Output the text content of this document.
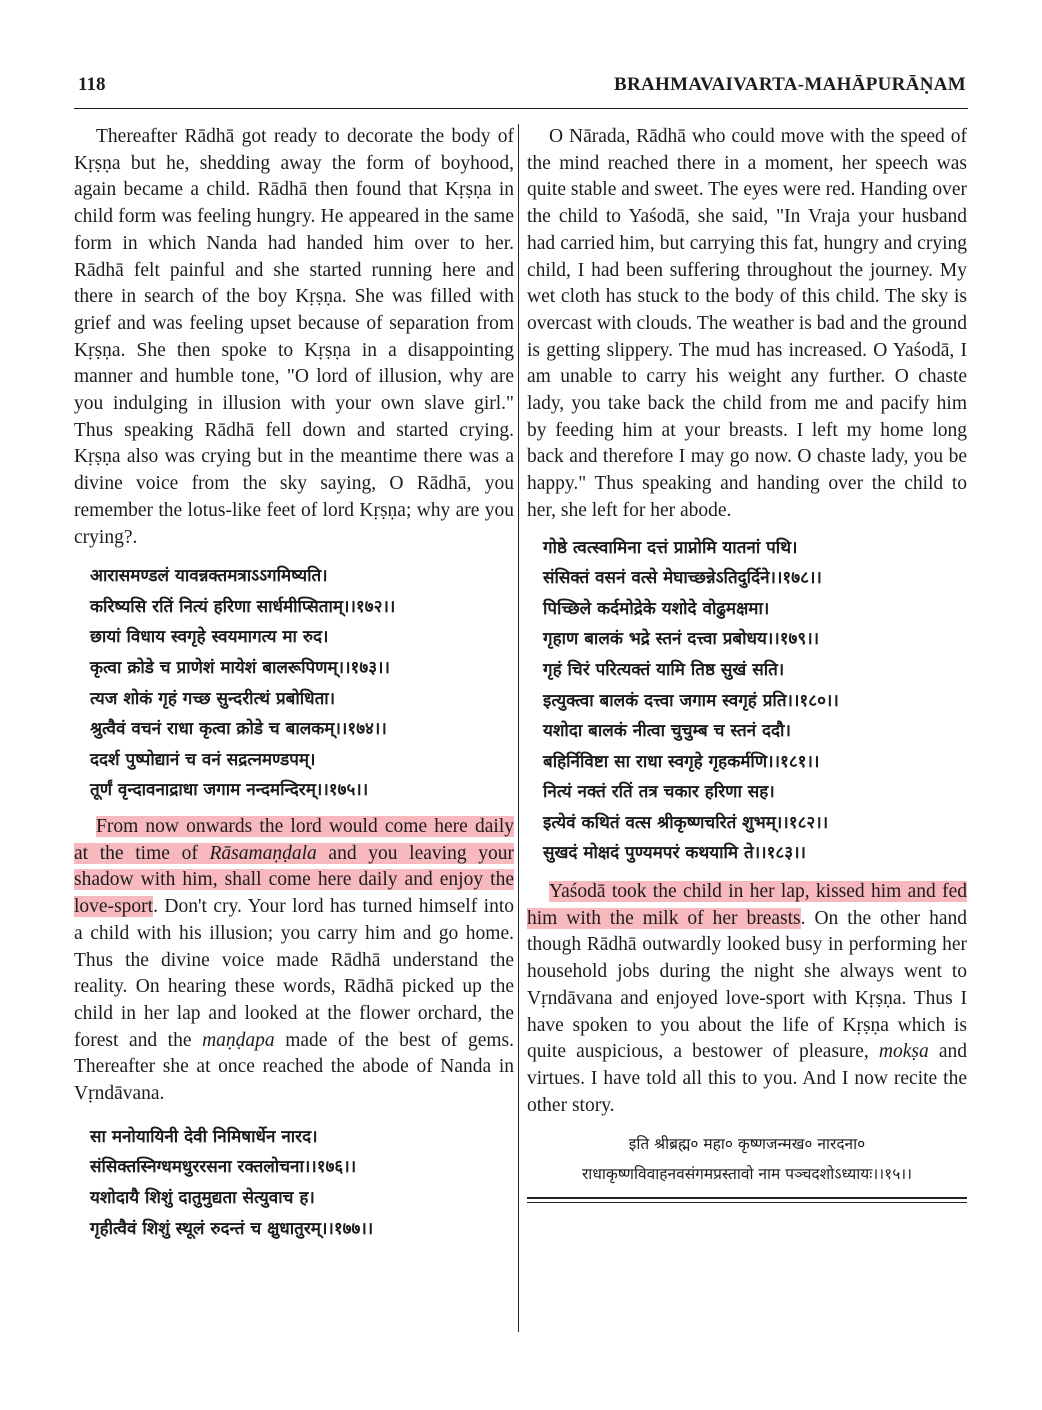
118	BRAHMAVAIVARTA-MAHĀPURĀṆAM

Thereafter Rādhā got ready to decorate the body of Kṛṣṇa but he, shedding away the form of boyhood, again became a child. Rādhā then found that Kṛṣṇa in child form was feeling hungry. He appeared in the same form in which Nanda had handed him over to her. Rādhā felt painful and she started running here and there in search of the boy Kṛṣṇa. She was filled with grief and was feeling upset because of separation from Kṛṣṇa. She then spoke to Kṛṣṇa in a disappointing manner and humble tone, "O lord of illusion, why are you indulging in illusion with your own slave girl." Thus speaking Rādhā fell down and started crying. Kṛṣṇa also was crying but in the meantime there was a divine voice from the sky saying, O Rādhā, you remember the lotus-like feet of lord Kṛṣṇa; why are you crying?.

आरासमण्डलं यावन्नक्तमत्राऽऽगमिष्यति।
करिष्यसि रतिं नित्यं हरिणा सार्धमीप्सिताम्।।१७२।।
छायां विधाय स्वगृहे स्वयमागत्य मा रुद।
कृत्वा क्रोडे च प्राणेशं मायेशं बालरूपिणम्।।१७३।।
त्यज शोकं गृहं गच्छ सुन्दरीत्थं प्रबोधिता।
श्रुत्वैवं वचनं राधा कृत्वा क्रोडे च बालकम्।।१७४।।
ददर्श पुष्पोद्यानं च वनं सद्रत्नमण्डपम्।
तूर्णं वृन्दावनाद्राधा जगाम नन्दमन्दिरम्।।१७५।।

From now onwards the lord would come here daily at the time of Rāsamaṇḍala and you leaving your shadow with him, shall come here daily and enjoy the love-sport. Don't cry. Your lord has turned himself into a child with his illusion; you carry him and go home. Thus the divine voice made Rādhā understand the reality. On hearing these words, Rādhā picked up the child in her lap and looked at the flower orchard, the forest and the maṇḍapa made of the best of gems. Thereafter she at once reached the abode of Nanda in Vṛndāvana.

सा मनोयायिनी देवी निमिषार्धेन नारद।
संसिक्तस्निग्धमधुररसना रक्तलोचना।।१७६।।
यशोदायै शिशुं दातुमुद्यता सेत्युवाच ह।
गृहीत्वैवं शिशुं स्थूलं रुदन्तं च क्षुधातुरम्।।१७७।।

O Nārada, Rādhā who could move with the speed of the mind reached there in a moment, her speech was quite stable and sweet. The eyes were red. Handing over the child to Yaśodā, she said, "In Vraja your husband had carried him, but carrying this fat, hungry and crying child, I had been suffering throughout the journey. My wet cloth has stuck to the body of this child. The sky is overcast with clouds. The weather is bad and the ground is getting slippery. The mud has increased. O Yaśodā, I am unable to carry his weight any further. O chaste lady, you take back the child from me and pacify him by feeding him at your breasts. I left my home long back and therefore I may go now. O chaste lady, you be happy." Thus speaking and handing over the child to her, she left for her abode.

गोष्ठे त्वत्स्वामिना दत्तं प्राप्नोमि यातनां पथि।
संसिक्तं वसनं वत्से मेघाच्छन्नेऽतिदुर्दिने।।१७८।।
पिच्छिले कर्दमोद्रेके यशोदे वोढुमक्षमा।
गृहाण बालकं भद्रे स्तनं दत्त्वा प्रबोधय।।१७९।।
गृहं चिरं परित्यक्तं यामि तिष्ठ सुखं सति।
इत्युक्त्वा बालकं दत्त्वा जगाम स्वगृहं प्रति।।१८०।।
यशोदा बालकं नीत्वा चुचुम्ब च स्तनं ददौ।
बहिर्निविष्टा सा राधा स्वगृहे गृहकर्मणि।।१८१।।
नित्यं नक्तं रतिं तत्र चकार हरिणा सह।
इत्येवं कथितं वत्स श्रीकृष्णचरितं शुभम्।।१८२।।
सुखदं मोक्षदं पुण्यमपरं कथयामि ते।।१८३।।

Yaśodā took the child in her lap, kissed him and fed him with the milk of her breasts. On the other hand though Rādhā outwardly looked busy in performing her household jobs during the night she always went to Vṛndāvana and enjoyed love-sport with Kṛṣṇa. Thus I have spoken to you about the life of Kṛṣṇa which is quite auspicious, a bestower of pleasure, mokṣa and virtues. I have told all this to you. And I now recite the other story.

इति श्रीब्रह्म० महा० कृष्णजन्मख० नारदना०
राधाकृष्णविवाहनवसंगमप्रस्तावो नाम पञ्चदशोऽध्यायः।।१५।।
